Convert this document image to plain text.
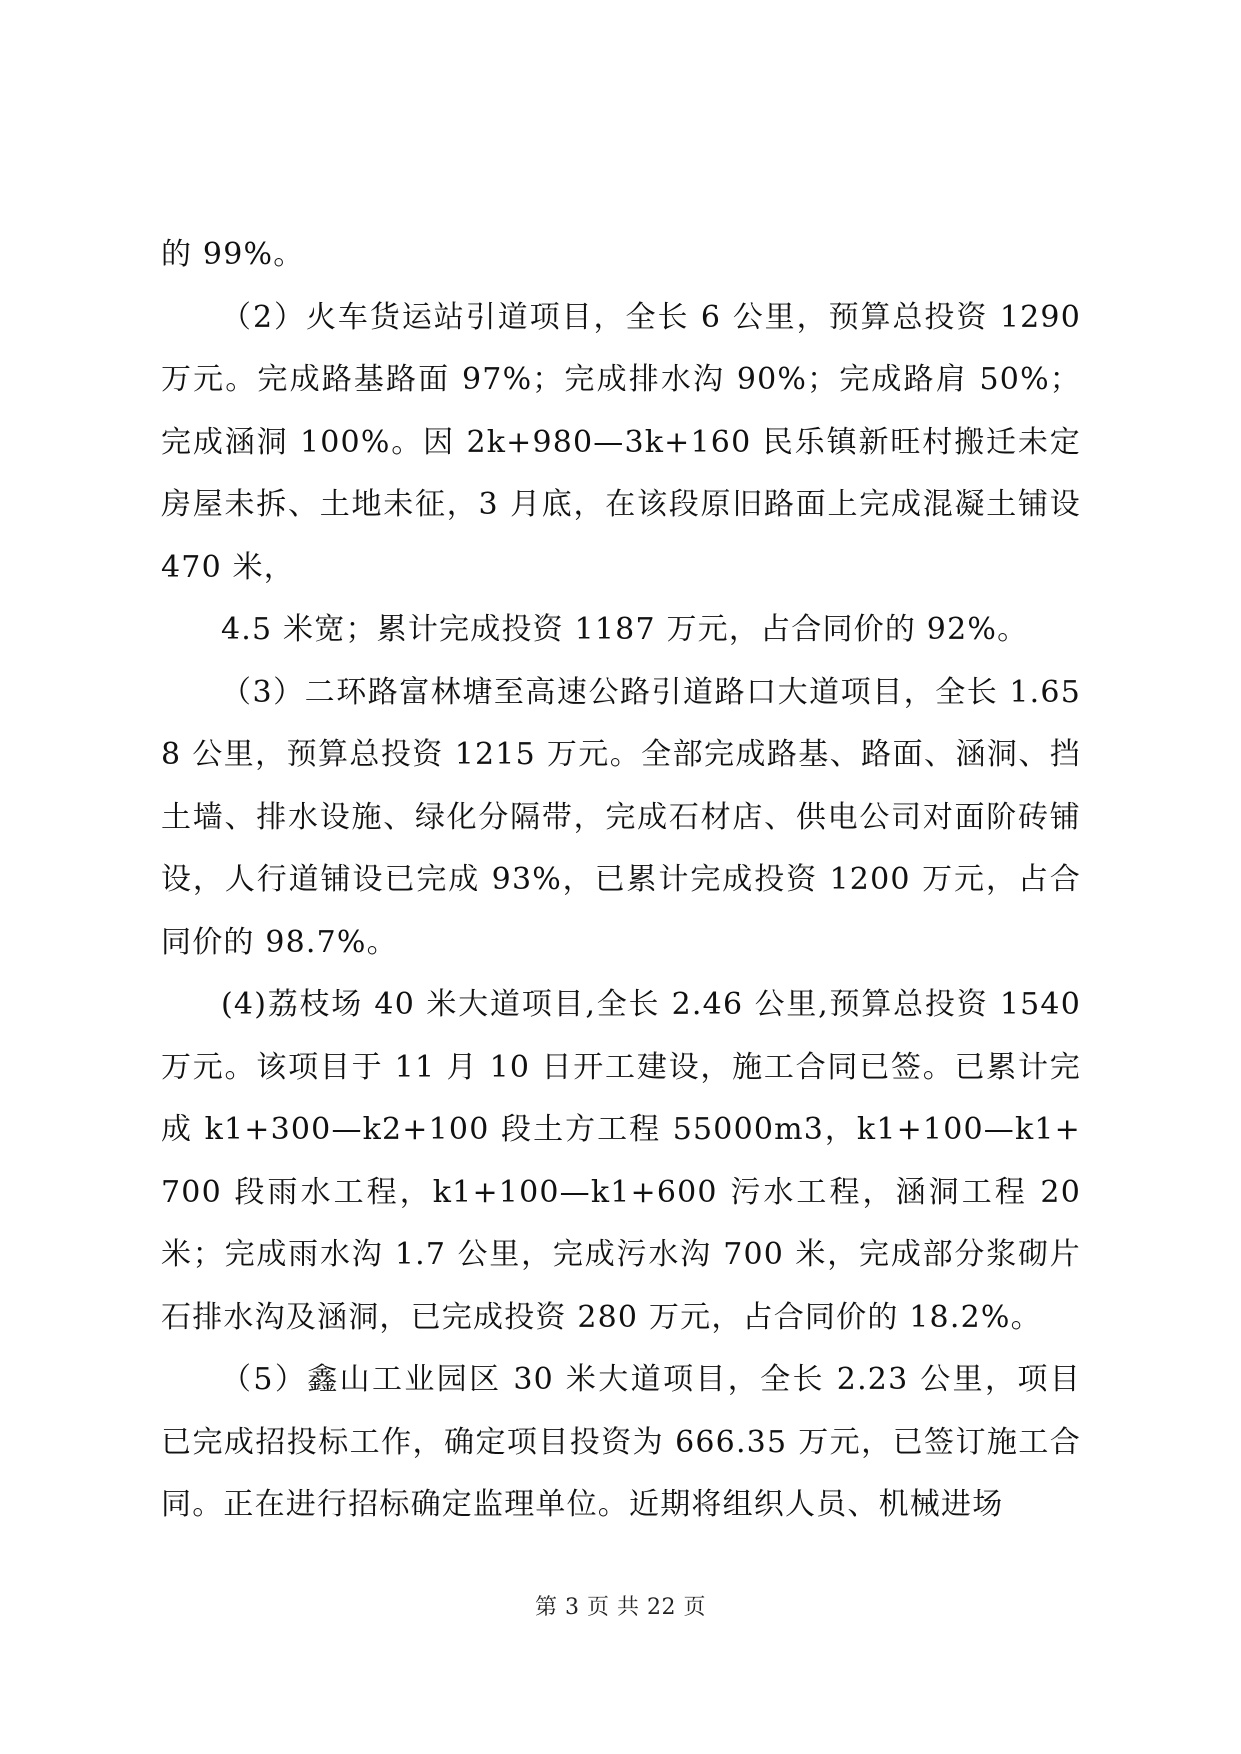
的 99%。

（2）火车货运站引道项目，全长 6 公里，预算总投资 1290 万元。完成路基路面 97%；完成排水沟 90%；完成路肩 50%；完成涵洞 100%。因 2k+980—3k+160 民乐镇新旺村搬迁未定房屋未拆、土地未征，3 月底，在该段原旧路面上完成混凝土铺设 470 米，

4.5 米宽；累计完成投资 1187 万元，占合同价的 92%。

（3）二环路富林塘至高速公路引道路口大道项目，全长 1.658 公里，预算总投资 1215 万元。全部完成路基、路面、涵洞、挡土墙、排水设施、绿化分隔带，完成石材店、供电公司对面阶砖铺设，人行道铺设已完成 93%，已累计完成投资 1200 万元，占合同价的 98.7%。

(4)荔枝场 40 米大道项目,全长 2.46 公里,预算总投资 1540 万元。该项目于 11 月 10 日开工建设，施工合同已签。已累计完成 k1+300—k2+100 段土方工程 55000m3，k1+100—k1+700 段雨水工程，k1+100—k1+600 污水工程，涵洞工程 20 米；完成雨水沟 1.7 公里，完成污水沟 700 米，完成部分浆砌片石排水沟及涵洞，已完成投资 280 万元，占合同价的 18.2%。

（5）鑫山工业园区 30 米大道项目，全长 2.23 公里，项目已完成招投标工作，确定项目投资为 666.35 万元，已签订施工合同。正在进行招标确定监理单位。近期将组织人员、机械进场

第 3 页 共 22 页
